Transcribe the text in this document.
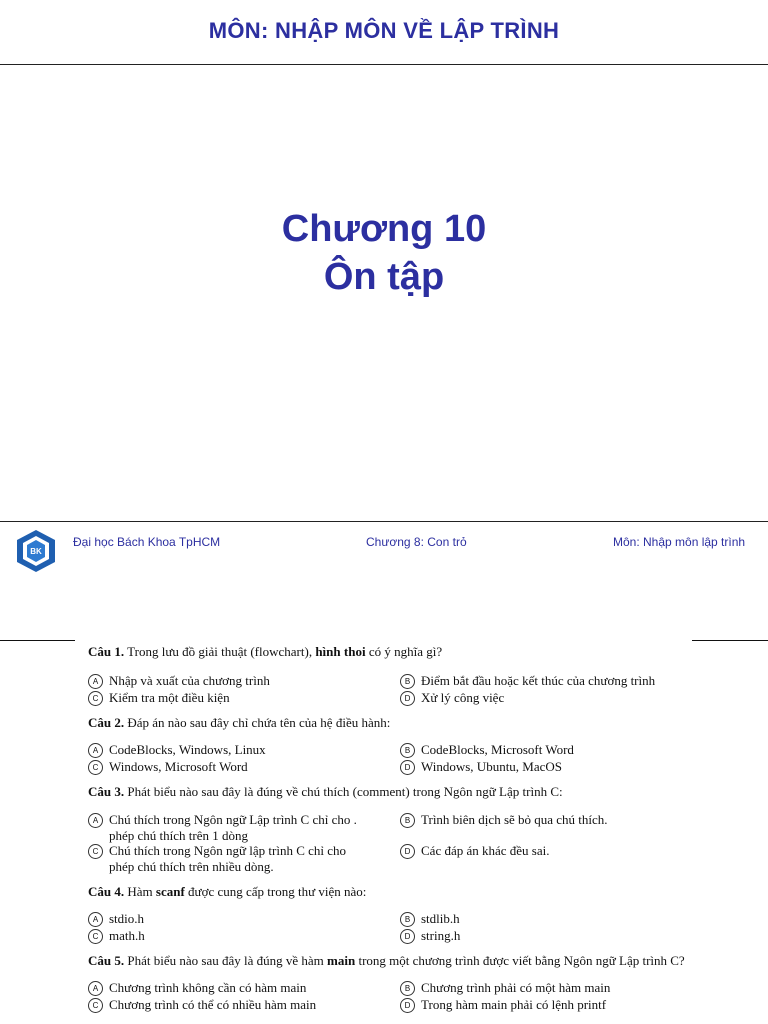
MÔN: NHẬP MÔN VỀ LẬP TRÌNH
Chương 10
Ôn tập
BK
Đại học Bách Khoa TpHCM	Chương 8: Con trỏ	Môn: Nhập môn lập trình
Câu 1. Trong lưu đồ giải thuật (flowchart), hình thoi có ý nghĩa gì?
A Nhập và xuất của chương trình	B Điểm bắt đầu hoặc kết thúc của chương trình
C Kiểm tra một điều kiện	D Xử lý công việc
Câu 2. Đáp án nào sau đây chỉ chứa tên của hệ điều hành:
A CodeBlocks, Windows, Linux	B CodeBlocks, Microsoft Word
C Windows, Microsoft Word	D Windows, Ubuntu, MacOS
Câu 3. Phát biểu nào sau đây là đúng về chú thích (comment) trong Ngôn ngữ Lập trình C:
A Chú thích trong Ngôn ngữ Lập trình C chỉ cho .
phép chú thích trên 1 dòng
B Trình biên dịch sẽ bỏ qua chú thích.
C Chú thích trong Ngôn ngữ lập trình C chỉ cho
phép chú thích trên nhiều dòng.
D Các đáp án khác đều sai.
Câu 4. Hàm scanf được cung cấp trong thư viện nào:
A stdio.h	B stdlib.h
C math.h	D string.h
Câu 5. Phát biểu nào sau đây là đúng về hàm main trong một chương trình được viết bằng Ngôn ngữ Lập trình C?
A Chương trình không cần có hàm main	B Chương trình phải có một hàm main
C Chương trình có thể có nhiều hàm main	D Trong hàm main phải có lệnh printf
